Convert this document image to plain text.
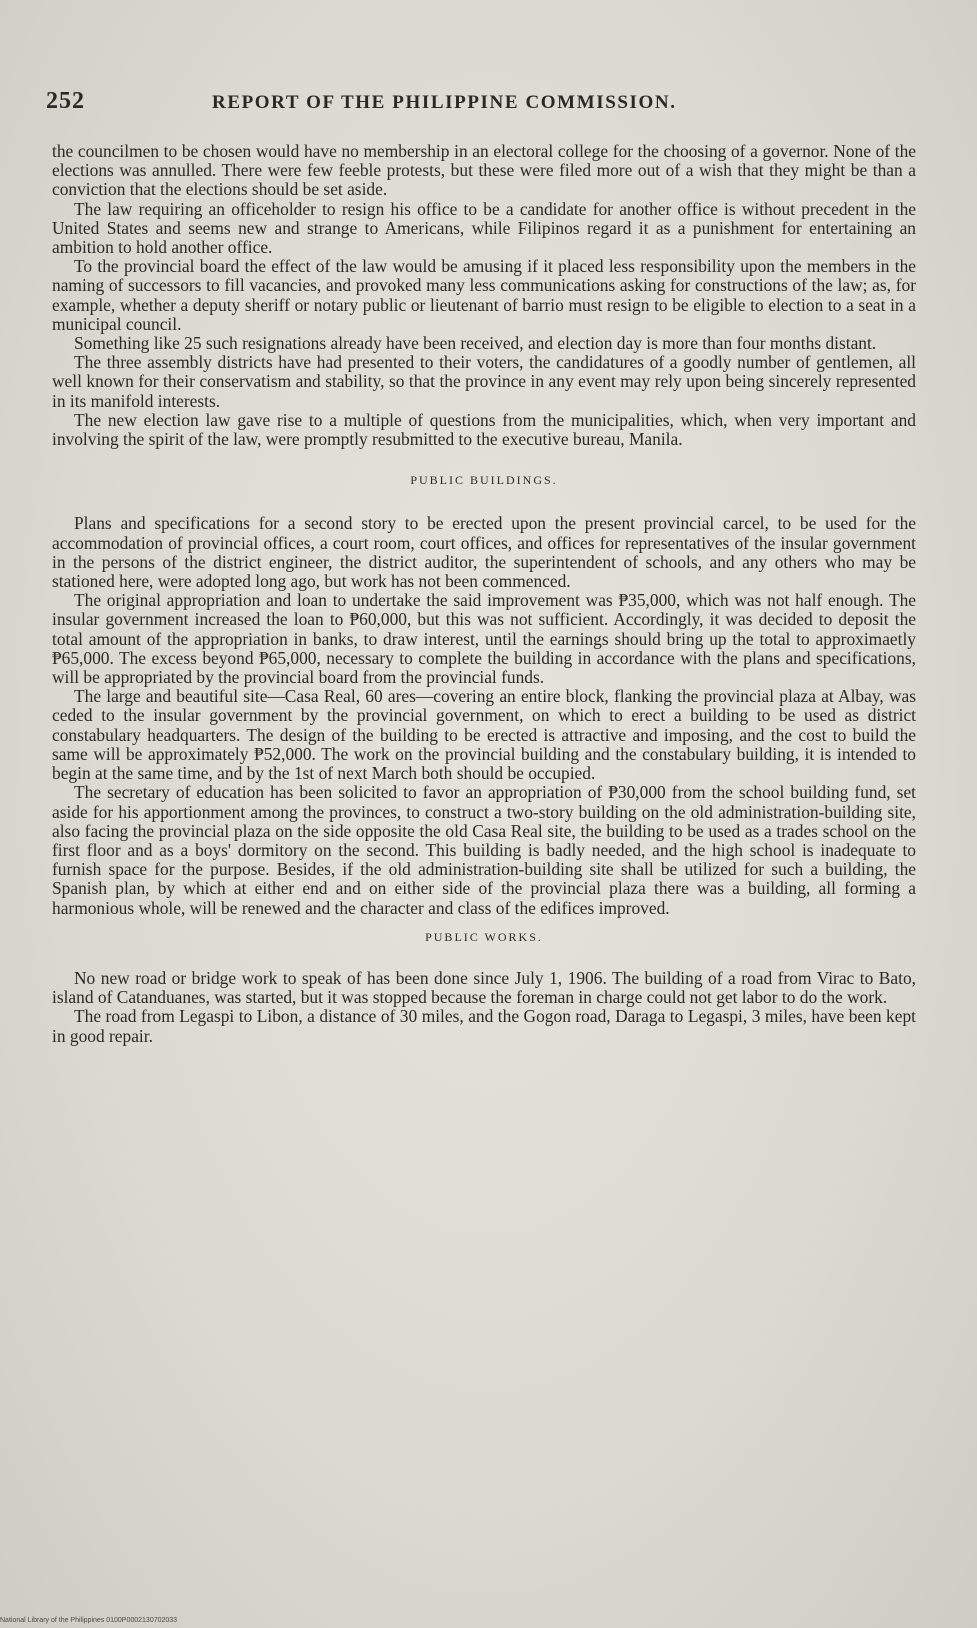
252	REPORT OF THE PHILIPPINE COMMISSION.

the councilmen to be chosen would have no membership in an electoral college for the choosing of a governor. None of the elections was annulled. There were few feeble protests, but these were filed more out of a wish that they might be than a conviction that the elections should be set aside.

The law requiring an officeholder to resign his office to be a candidate for another office is without precedent in the United States and seems new and strange to Americans, while Filipinos regard it as a punishment for entertaining an ambition to hold another office.

To the provincial board the effect of the law would be amusing if it placed less responsibility upon the members in the naming of successors to fill vacancies, and provoked many less communications asking for constructions of the law; as, for example, whether a deputy sheriff or notary public or lieutenant of barrio must resign to be eligible to election to a seat in a municipal council.

Something like 25 such resignations already have been received, and election day is more than four months distant.

The three assembly districts have had presented to their voters, the candidatures of a goodly number of gentlemen, all well known for their conservatism and stability, so that the province in any event may rely upon being sincerely represented in its manifold interests.

The new election law gave rise to a multiple of questions from the municipalities, which, when very important and involving the spirit of the law, were promptly resubmitted to the executive bureau, Manila.

PUBLIC BUILDINGS.

Plans and specifications for a second story to be erected upon the present provincial carcel, to be used for the accommodation of provincial offices, a court room, court offices, and offices for representatives of the insular government in the persons of the district engineer, the district auditor, the superintendent of schools, and any others who may be stationed here, were adopted long ago, but work has not been commenced.

The original appropriation and loan to undertake the said improvement was ₱35,000, which was not half enough. The insular government increased the loan to ₱60,000, but this was not sufficient. Accordingly, it was decided to deposit the total amount of the appropriation in banks, to draw interest, until the earnings should bring up the total to approximaetly ₱65,000. The excess beyond ₱65,000, necessary to complete the building in accordance with the plans and specifications, will be appropriated by the provincial board from the provincial funds.

The large and beautiful site—Casa Real, 60 ares—covering an entire block, flanking the provincial plaza at Albay, was ceded to the insular government by the provincial government, on which to erect a building to be used as district constabulary headquarters. The design of the building to be erected is attractive and imposing, and the cost to build the same will be approximately ₱52,000. The work on the provincial building and the constabulary building, it is intended to begin at the same time, and by the 1st of next March both should be occupied.

The secretary of education has been solicited to favor an appropriation of ₱30,000 from the school building fund, set aside for his apportionment among the provinces, to construct a two-story building on the old administration-building site, also facing the provincial plaza on the side opposite the old Casa Real site, the building to be used as a trades school on the first floor and as a boys' dormitory on the second. This building is badly needed, and the high school is inadequate to furnish space for the purpose. Besides, if the old administration-building site shall be utilized for such a building, the Spanish plan, by which at either end and on either side of the provincial plaza there was a building, all forming a harmonious whole, will be renewed and the character and class of the edifices improved.

PUBLIC WORKS.

No new road or bridge work to speak of has been done since July 1, 1906. The building of a road from Virac to Bato, island of Catanduanes, was started, but it was stopped because the foreman in charge could not get labor to do the work.

The road from Legaspi to Libon, a distance of 30 miles, and the Gogon road, Daraga to Legaspi, 3 miles, have been kept in good repair.

National Library of the Philippines 0100P0002130702033
